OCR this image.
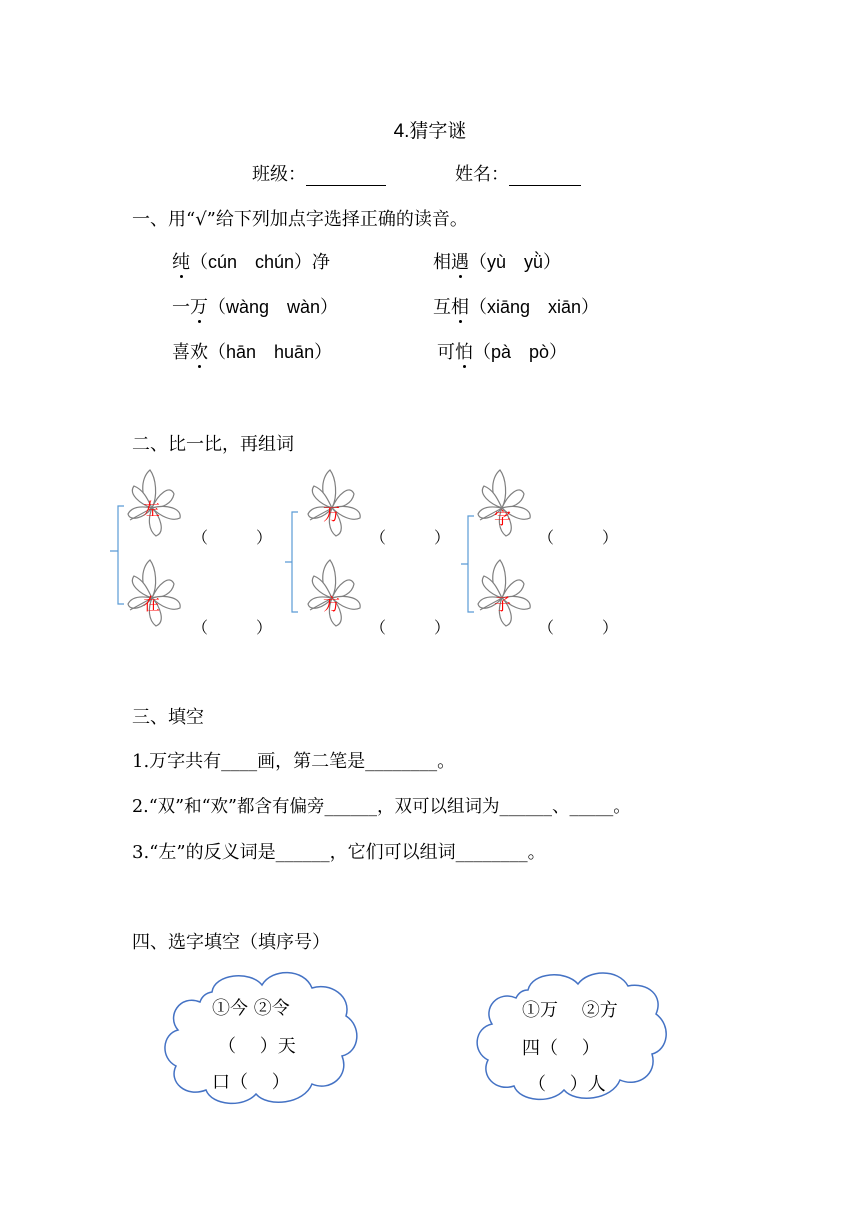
4.猜字谜
班级：	姓名：
一、用“√”给下列加点字选择正确的读音。
纯（cún　chún）净	相遇（yù　yǜ）
一万（wàng　wàn）	互相（xiāng　xiān）
喜欢（hān　huān）	可怕（pà　pò）
二、比一比，再组词
左
在
万
方
字
子
（　　　）
（　　　）
（　　　）
（　　　）
（　　　）
（　　　）
三、填空
1.万字共有____画，第二笔是________。
2.“双”和“欢”都含有偏旁______，双可以组词为______、_____。
3.“左”的反义词是______，它们可以组词________。
四、选字填空（填序号）
①今 ②令
（　 ）天
口（　 ）
①万　 ②方
四（　 ）
（　 ）人
